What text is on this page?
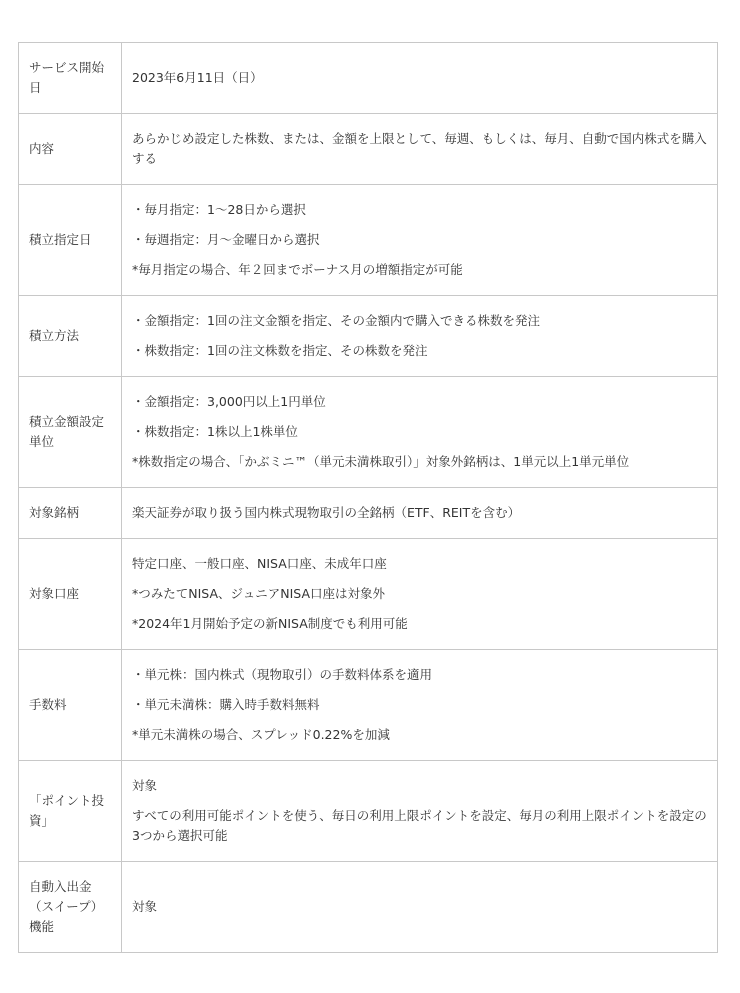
サービス開始日	2023年6月11日（日）

内容	あらかじめ設定した株数、または、金額を上限として、毎週、もしくは、毎月、自動で国内株式を購入する

積立指定日	・毎月指定：1～28日から選択
・毎週指定：月～金曜日から選択
*毎月指定の場合、年２回までボーナス月の増額指定が可能

積立方法	・金額指定：1回の注文金額を指定、その金額内で購入できる株数を発注
・株数指定：1回の注文株数を指定、その株数を発注

積立金額設定単位	・金額指定：3,000円以上1円単位
・株数指定：1株以上1株単位
*株数指定の場合、「かぶミニ™（単元未満株取引）」対象外銘柄は、1単元以上1単元単位

対象銘柄	楽天証券が取り扱う国内株式現物取引の全銘柄（ETF、REITを含む）

対象口座	特定口座、一般口座、NISA口座、未成年口座
*つみたてNISA、ジュニアNISA口座は対象外
*2024年1月開始予定の新NISA制度でも利用可能

手数料	・単元株：国内株式（現物取引）の手数料体系を適用
・単元未満株：購入時手数料無料
*単元未満株の場合、スプレッド0.22%を加減

「ポイント投資」	対象
すべての利用可能ポイントを使う、毎日の利用上限ポイントを設定、毎月の利用上限ポイントを設定の3つから選択可能

自動入出金（スイープ）機能	対象
